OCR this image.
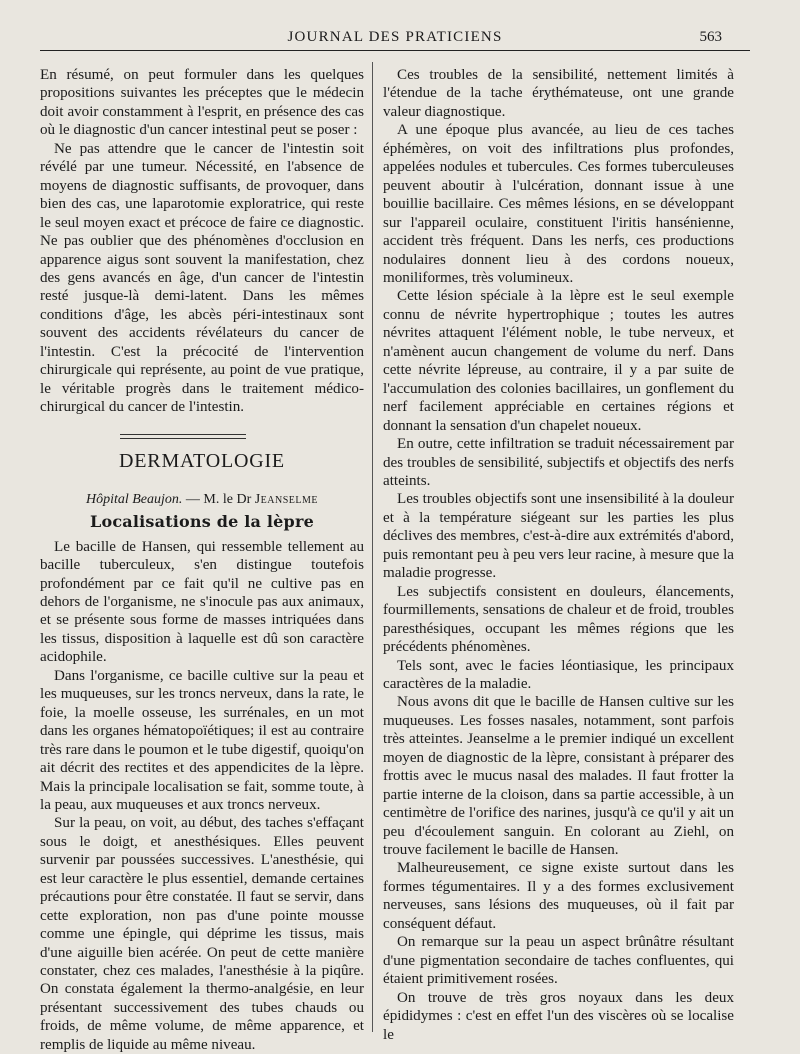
JOURNAL DES PRATICIENS	563

En résumé, on peut formuler dans les quelques propositions suivantes les préceptes que le médecin doit avoir constamment à l'esprit, en présence des cas où le diagnostic d'un cancer intestinal peut se poser :

Ne pas attendre que le cancer de l'intestin soit révélé par une tumeur. Nécessité, en l'absence de moyens de diagnostic suffisants, de provoquer, dans bien des cas, une laparotomie exploratrice, qui reste le seul moyen exact et précoce de faire ce diagnostic. Ne pas oublier que des phénomènes d'occlusion en apparence aigus sont souvent la manifestation, chez des gens avancés en âge, d'un cancer de l'intestin resté jusque-là demi-latent. Dans les mêmes conditions d'âge, les abcès péri-intestinaux sont souvent des accidents révélateurs du cancer de l'intestin. C'est la précocité de l'intervention chirurgicale qui représente, au point de vue pratique, le véritable progrès dans le traitement médico-chirurgical du cancer de l'intestin.

DERMATOLOGIE
Hôpital Beaujon. — M. le Dr Jeanselme
Localisations de la lèpre

Le bacille de Hansen, qui ressemble tellement au bacille tuberculeux, s'en distingue toutefois profondément par ce fait qu'il ne cultive pas en dehors de l'organisme, ne s'inocule pas aux animaux, et se présente sous forme de masses intriquées dans les tissus, disposition à laquelle est dû son caractère acidophile.

Dans l'organisme, ce bacille cultive sur la peau et les muqueuses, sur les troncs nerveux, dans la rate, le foie, la moelle osseuse, les surrénales, en un mot dans les organes hématopoïétiques; il est au contraire très rare dans le poumon et le tube digestif, quoiqu'on ait décrit des rectites et des appendicites de la lèpre. Mais la principale localisation se fait, somme toute, à la peau, aux muqueuses et aux troncs nerveux.

Sur la peau, on voit, au début, des taches s'effaçant sous le doigt, et anesthésiques. Elles peuvent survenir par poussées successives. L'anesthésie, qui est leur caractère le plus essentiel, demande certaines précautions pour être constatée. Il faut se servir, dans cette exploration, non pas d'une pointe mousse comme une épingle, qui déprime les tissus, mais d'une aiguille bien acérée. On peut de cette manière constater, chez ces malades, l'anesthésie à la piqûre. On constata également la thermo-analgésie, en leur présentant successivement des tubes chauds ou froids, de même volume, de même apparence, et remplis de liquide au même niveau.

Ces troubles de la sensibilité, nettement limités à l'étendue de la tache érythémateuse, ont une grande valeur diagnostique.

A une époque plus avancée, au lieu de ces taches éphémères, on voit des infiltrations plus profondes, appelées nodules et tubercules. Ces formes tuberculeuses peuvent aboutir à l'ulcération, donnant issue à une bouillie bacillaire. Ces mêmes lésions, en se développant sur l'appareil oculaire, constituent l'iritis hansénienne, accident très fréquent. Dans les nerfs, ces productions nodulaires donnent lieu à des cordons noueux, moniliformes, très volumineux.

Cette lésion spéciale à la lèpre est le seul exemple connu de névrite hypertrophique ; toutes les autres névrites attaquent l'élément noble, le tube nerveux, et n'amènent aucun changement de volume du nerf. Dans cette névrite lépreuse, au contraire, il y a par suite de l'accumulation des colonies bacillaires, un gonflement du nerf facilement appréciable en certaines régions et donnant la sensation d'un chapelet noueux.

En outre, cette infiltration se traduit nécessairement par des troubles de sensibilité, subjectifs et objectifs des nerfs atteints.

Les troubles objectifs sont une insensibilité à la douleur et à la température siégeant sur les parties les plus déclives des membres, c'est-à-dire aux extrémités d'abord, puis remontant peu à peu vers leur racine, à mesure que la maladie progresse.

Les subjectifs consistent en douleurs, élancements, fourmillements, sensations de chaleur et de froid, troubles paresthésiques, occupant les mêmes régions que les précédents phénomènes.

Tels sont, avec le facies léontiasique, les principaux caractères de la maladie.

Nous avons dit que le bacille de Hansen cultive sur les muqueuses. Les fosses nasales, notamment, sont parfois très atteintes. Jeanselme a le premier indiqué un excellent moyen de diagnostic de la lèpre, consistant à préparer des frottis avec le mucus nasal des malades. Il faut frotter la partie interne de la cloison, dans sa partie accessible, à un centimètre de l'orifice des narines, jusqu'à ce qu'il y ait un peu d'écoulement sanguin. En colorant au Ziehl, on trouve facilement le bacille de Hansen.

Malheureusement, ce signe existe surtout dans les formes tégumentaires. Il y a des formes exclusivement nerveuses, sans lésions des muqueuses, où il fait par conséquent défaut.

On remarque sur la peau un aspect brûnâtre résultant d'une pigmentation secondaire de taches confluentes, qui étaient primitivement rosées.

On trouve de très gros noyaux dans les deux épididymes : c'est en effet l'un des viscères où se localise le
